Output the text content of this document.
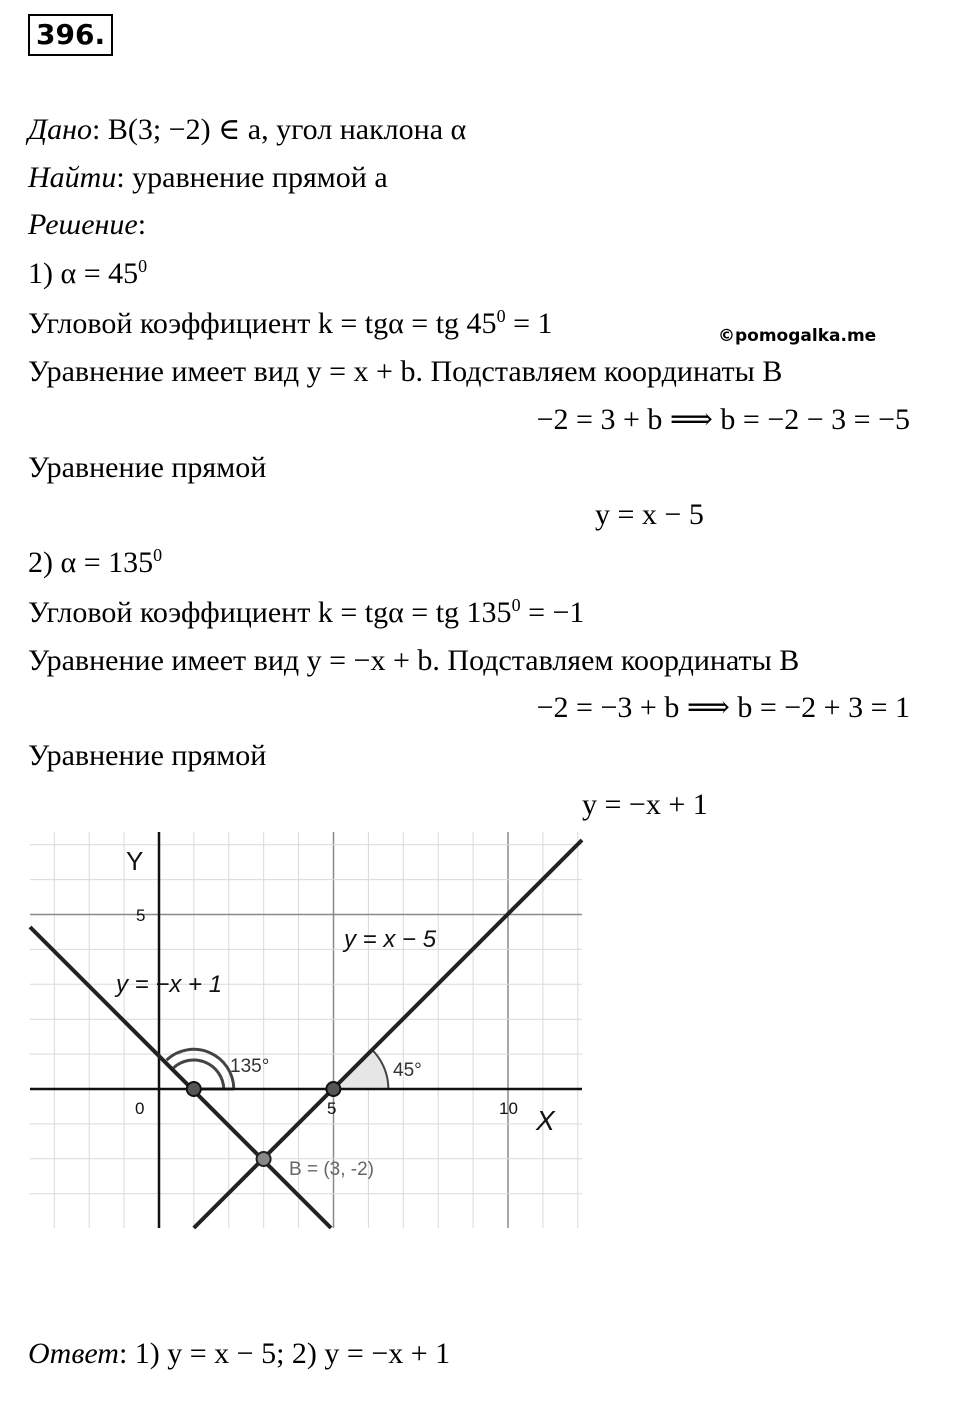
396.
Дано: B(3; −2) ∈ a, угол наклона α
Найти: уравнение прямой a
Решение:
1) $\alpha = 45^0$
Угловой коэффициент k = tgα = tg $45^0 = 1$	©pomogalka.me
Уравнение имеет вид y = x + b. Подставляем координаты B
−2 = 3 + b ⟹ b = −2 − 3 = −5
Уравнение прямой
y = x − 5
2) $\alpha = 135^0$
Угловой коэффициент k = tgα = tg $135^0 = -1$
Уравнение имеет вид y = −x + b. Подставляем координаты B
−2 = −3 + b ⟹ b = −2 + 3 = 1
Уравнение прямой
y = −x + 1
Y
X
5
0	5	10
y = x − 5
y = −x + 1
135°	45°
B = (3, -2)
Ответ: 1) y = x − 5; 2) y = −x + 1
